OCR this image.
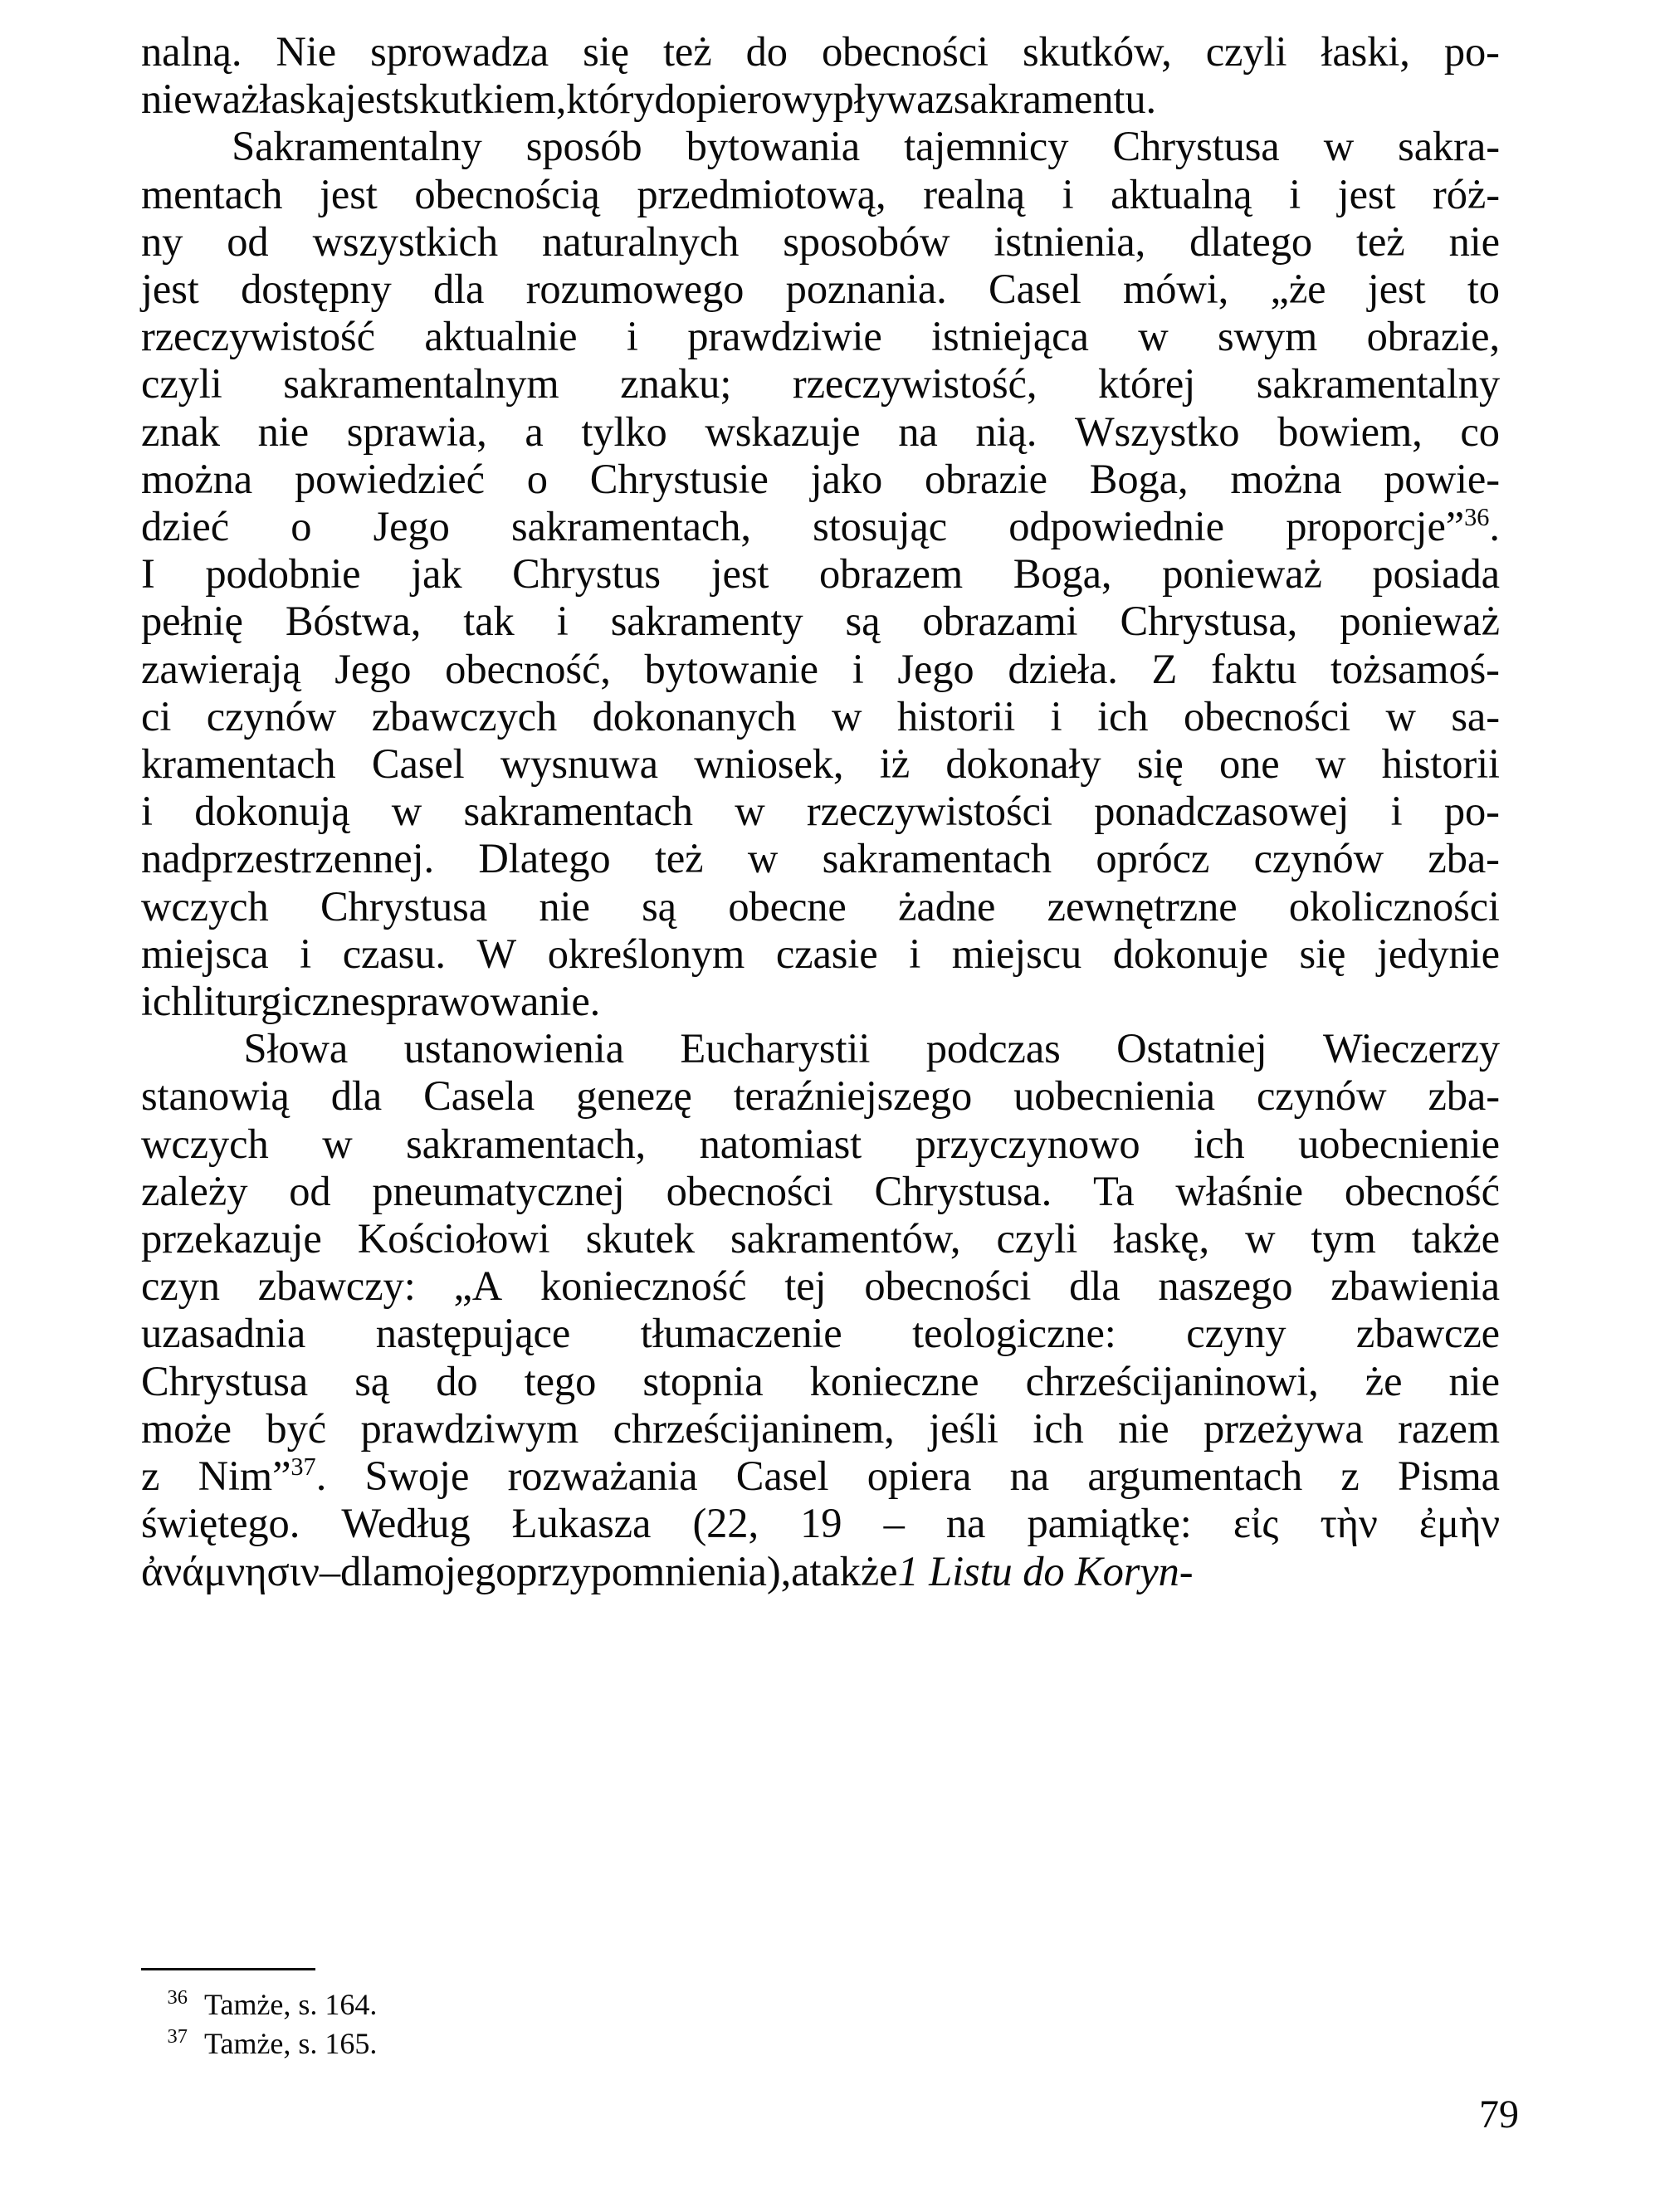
nalną. Nie sprowadza się też do obecności skutków, czyli łaski, po-
nieważ łaska jest skutkiem, który dopiero wypływa z sakramentu.
Sakramentalny sposób bytowania tajemnicy Chrystusa w sakra-
mentach jest obecnością przedmiotową, realną i aktualną i jest róż-
ny od wszystkich naturalnych sposobów istnienia, dlatego też nie
jest dostępny dla rozumowego poznania. Casel mówi, „że jest to
rzeczywistość aktualnie i prawdziwie istniejąca w swym obrazie,
czyli sakramentalnym znaku; rzeczywistość, której sakramentalny
znak nie sprawia, a tylko wskazuje na nią. Wszystko bowiem, co
można powiedzieć o Chrystusie jako obrazie Boga, można powie-
dzieć o Jego sakramentach, stosując odpowiednie proporcje”$^{36}$.
I podobnie jak Chrystus jest obrazem Boga, ponieważ posiada
pełnię Bóstwa, tak i sakramenty są obrazami Chrystusa, ponieważ
zawierają Jego obecność, bytowanie i Jego dzieła. Z faktu tożsamoś-
ci czynów zbawczych dokonanych w historii i ich obecności w sa-
kramentach Casel wysnuwa wniosek, iż dokonały się one w historii
i dokonują w sakramentach w rzeczywistości ponadczasowej i po-
nadprzestrzennej. Dlatego też w sakramentach oprócz czynów zba-
wczych Chrystusa nie są obecne żadne zewnętrzne okoliczności
miejsca i czasu. W określonym czasie i miejscu dokonuje się jedynie
ich liturgiczne sprawowanie.
Słowa ustanowienia Eucharystii podczas Ostatniej Wieczerzy
stanowią dla Casela genezę teraźniejszego uobecnienia czynów zba-
wczych w sakramentach, natomiast przyczynowo ich uobecnienie
zależy od pneumatycznej obecności Chrystusa. Ta właśnie obecność
przekazuje Kościołowi skutek sakramentów, czyli łaskę, w tym także
czyn zbawczy: „A konieczność tej obecności dla naszego zbawienia
uzasadnia następujące tłumaczenie teologiczne: czyny zbawcze
Chrystusa są do tego stopnia konieczne chrześcijaninowi, że nie
może być prawdziwym chrześcijaninem, jeśli ich nie przeżywa razem
z Nim”$^{37}$. Swoje rozważania Casel opiera na argumentach z Pisma
świętego. Według Łukasza (22, 19 – na pamiątkę: εἰς τὴν ἐμὴν
ἀνάμνησιν – dla mojego przypomnienia), a także 1 Listu do Koryn-
36 Tamże, s. 164.
37 Tamże, s. 165.
79
